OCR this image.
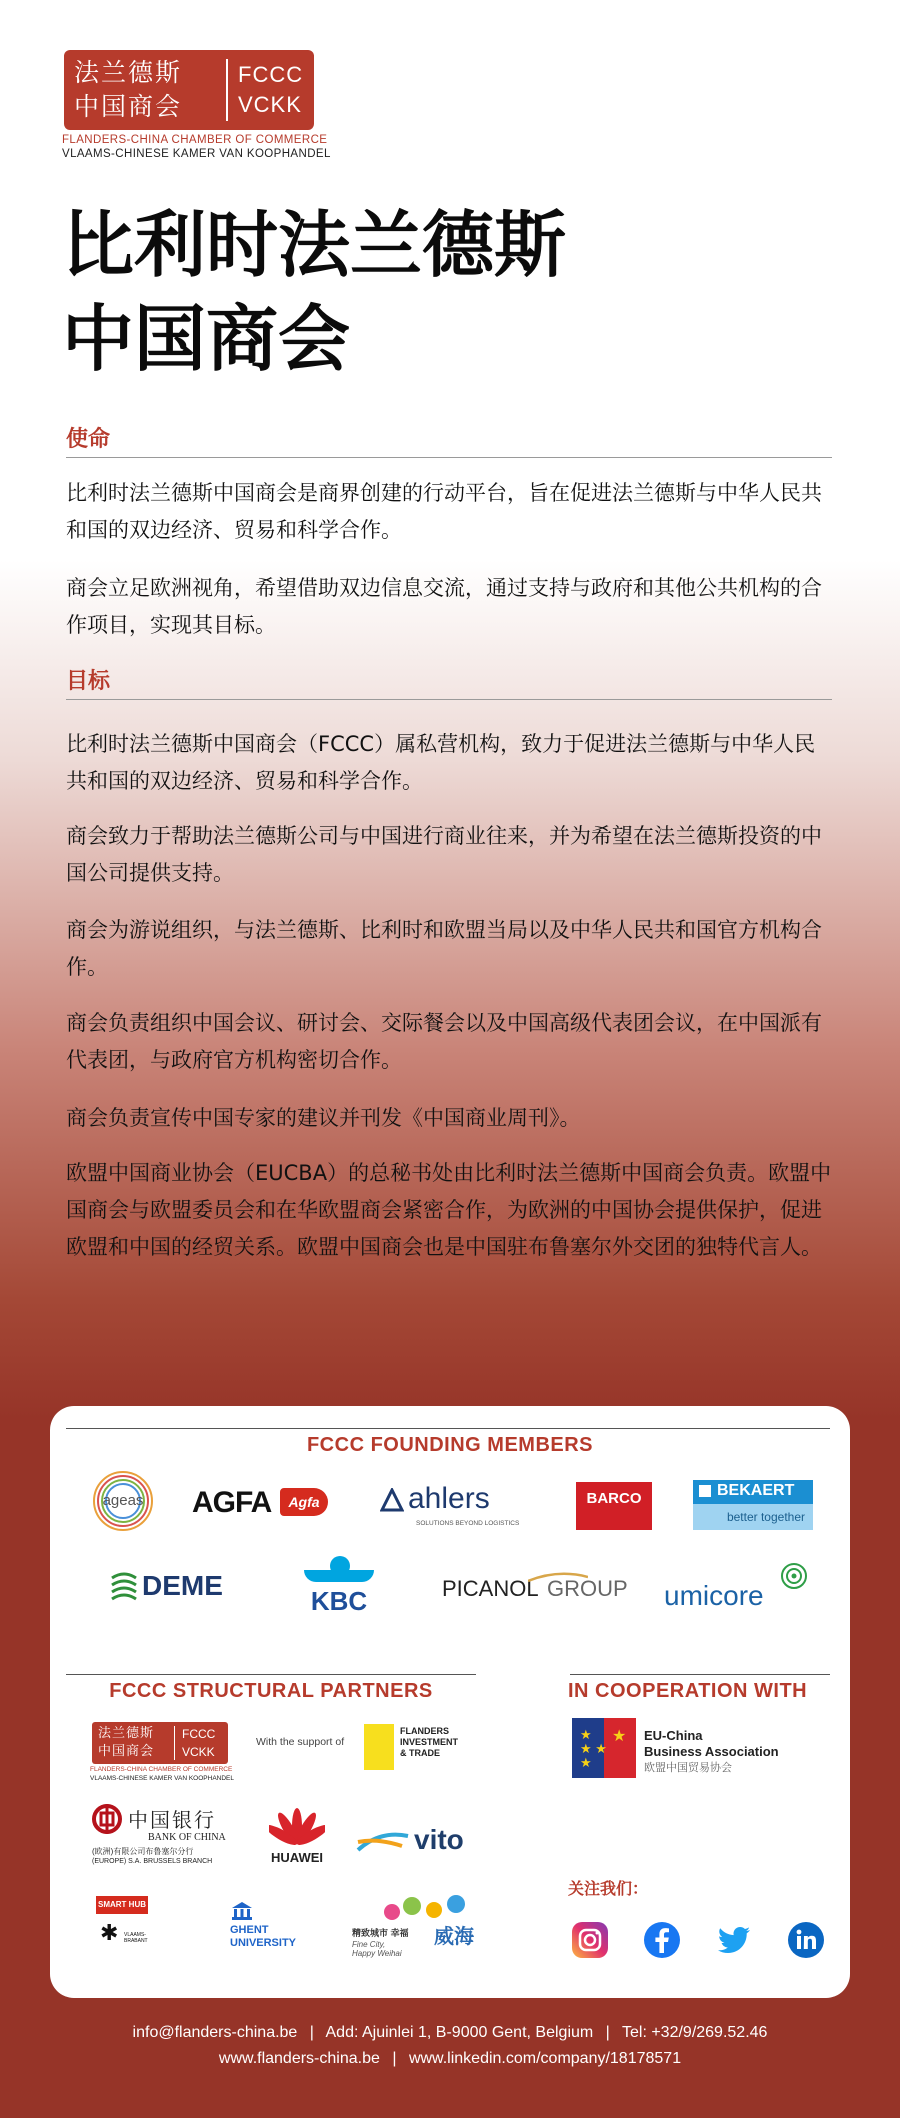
法兰德斯
中国商会
FCCC
VCKK
FLANDERS-CHINA CHAMBER OF COMMERCE
VLAAMS-CHINESE KAMER VAN KOOPHANDEL
比利时法兰德斯
中国商会
使命

比利时法兰德斯中国商会是商界创建的行动平台，旨在促进法兰德斯与中华人民共和国的双边经济、贸易和科学合作。

商会立足欧洲视角，希望借助双边信息交流，通过支持与政府和其他公共机构的合作项目，实现其目标。

目标

比利时法兰德斯中国商会（FCCC）属私营机构，致力于促进法兰德斯与中华人民共和国的双边经济、贸易和科学合作。

商会致力于帮助法兰德斯公司与中国进行商业往来，并为希望在法兰德斯投资的中国公司提供支持。

商会为游说组织，与法兰德斯、比利时和欧盟当局以及中华人民共和国官方机构合作。

商会负责组织中国会议、研讨会、交际餐会以及中国高级代表团会议，在中国派有代表团，与政府官方机构密切合作。

商会负责宣传中国专家的建议并刊发《中国商业周刊》。

欧盟中国商业协会（EUCBA）的总秘书处由比利时法兰德斯中国商会负责。欧盟中国商会与欧盟委员会和在华欧盟商会紧密合作，为欧洲的中国协会提供保护，促进欧盟和中国的经贸关系。欧盟中国商会也是中国驻布鲁塞尔外交团的独特代言人。

FCCC FOUNDING MEMBERS
ageas	AGFA	Agfa	ahlers
SOLUTIONS BEYOND LOGISTICS
BARCO	BEKAERT
better together
DEME	KBC	PICANOL GROUP	umicore
FCCC STRUCTURAL PARTNERS
法兰德斯
中国商会
FCCC
VCKK
FLANDERS-CHINA CHAMBER OF COMMERCE
VLAAMS-CHINESE KAMER VAN KOOPHANDEL
With the support of
FLANDERS
INVESTMENT
& TRADE
中国银行
BANK OF CHINA
(欧洲)有限公司布鲁塞尔分行
(EUROPE) S.A. BRUSSELS BRANCH	HUAWEI
vito
SMART HUB
✱ VLAAMS-BRABANT
GHENT
UNIVERSITY
精致城市 幸福 威海
Fine City,
Happy Weihai
IN COOPERATION WITH
★
★ ★
★
★ EU-China
Business Association
欧盟中国贸易协会
关注我们：
info@flanders-china.be | Add: Ajuinlei 1, B-9000 Gent, Belgium | Tel: +32/9/269.52.46
www.flanders-china.be | www.linkedin.com/company/18178571
